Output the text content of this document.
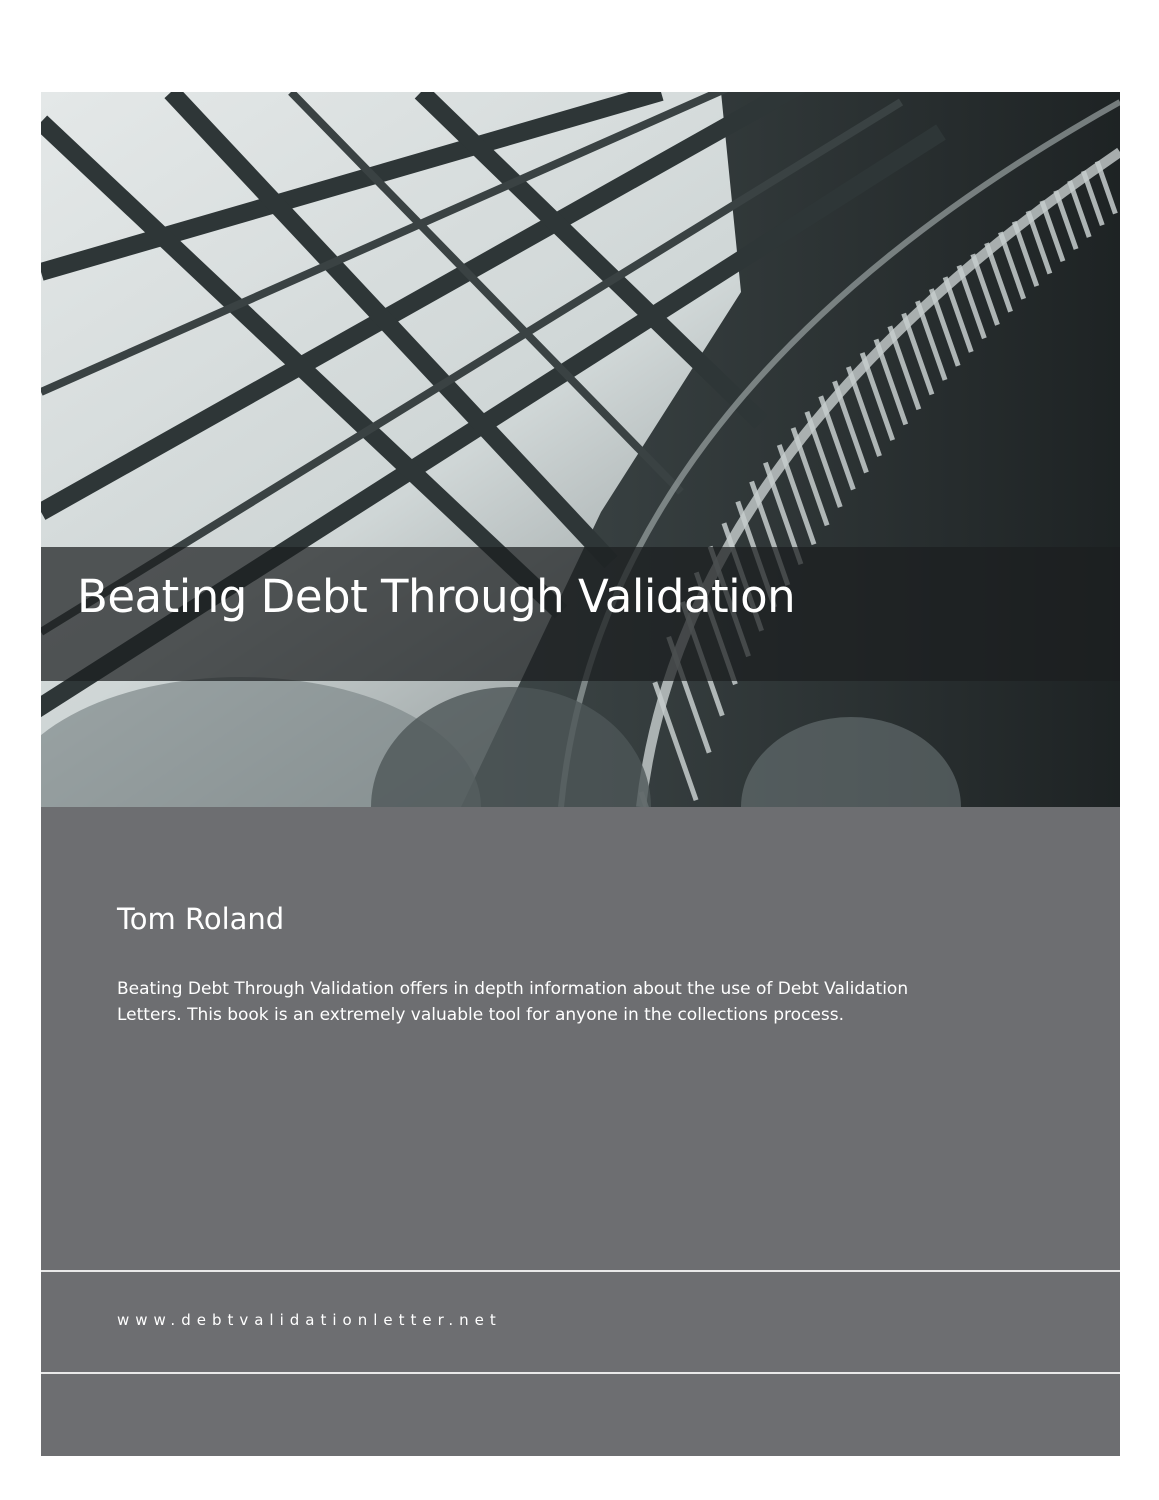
Beating Debt Through Validation
Tom Roland

Beating Debt Through Validation offers in depth information about the use of Debt Validation Letters. This book is an extremely valuable tool for anyone in the collections process.

www.debtvalidationletter.net
